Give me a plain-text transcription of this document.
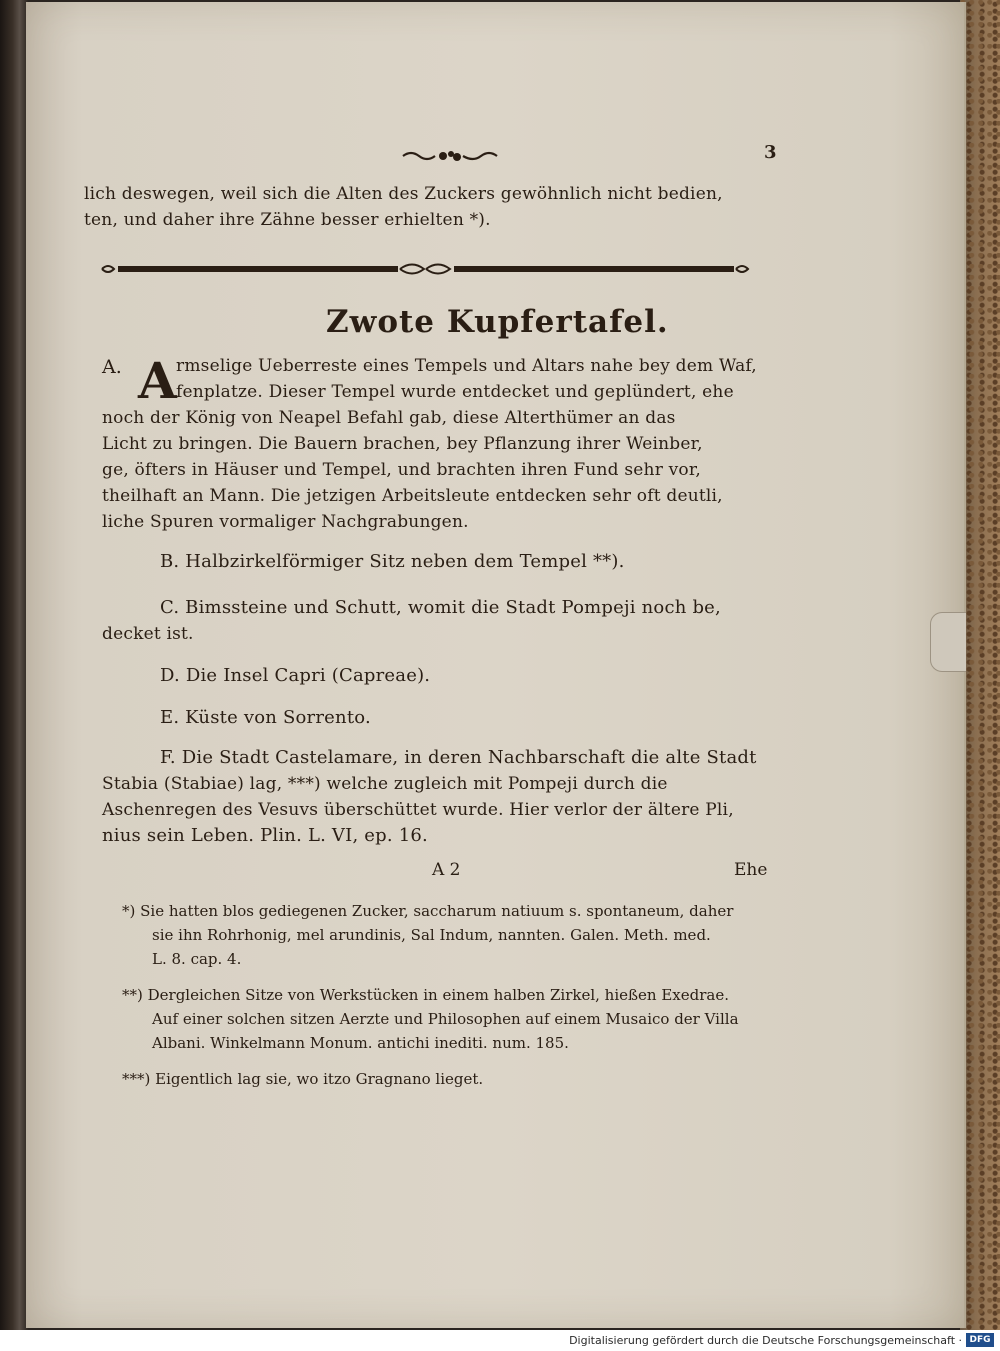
3
lich deswegen, weil sich die Alten des Zuckers gewöhnlich nicht bedien,
ten, und daher ihre Zähne besser erhielten *).
Zwote Kupfertafel.
A. A rmselige Ueberreste eines Tempels und Altars nahe bey dem Waf,
fenplatze. Dieser Tempel wurde entdecket und geplündert, ehe
noch der König von Neapel Befahl gab, diese Alterthümer an das
Licht zu bringen. Die Bauern brachen, bey Pflanzung ihrer Weinber,
ge, öfters in Häuser und Tempel, und brachten ihren Fund sehr vor,
theilhaft an Mann. Die jetzigen Arbeitsleute entdecken sehr oft deutli,
liche Spuren vormaliger Nachgrabungen.
B. Halbzirkelförmiger Sitz neben dem Tempel **).
C. Bimssteine und Schutt, womit die Stadt Pompeji noch be,
decket ist.
D. Die Insel Capri (Capreae).
E. Küste von Sorrento.
F. Die Stadt Castelamare, in deren Nachbarschaft die alte Stadt
Stabia (Stabiae) lag, ***) welche zugleich mit Pompeji durch die
Aschenregen des Vesuvs überschüttet wurde. Hier verlor der ältere Pli,
nius sein Leben. Plin. L. VI, ep. 16.
A 2	Ehe
*) Sie hatten blos gediegenen Zucker, saccharum natiuum s. spontaneum, daher
sie ihn Rohrhonig, mel arundinis, Sal Indum, nannten. Galen. Meth. med.
L. 8. cap. 4.
**) Dergleichen Sitze von Werkstücken in einem halben Zirkel, hießen Exedrae.
Auf einer solchen sitzen Aerzte und Philosophen auf einem Musaico der Villa
Albani. Winkelmann Monum. antichi inediti. num. 185.
***) Eigentlich lag sie, wo itzo Gragnano lieget.
Digitalisierung gefördert durch die Deutsche Forschungsgemeinschaft · DFG
